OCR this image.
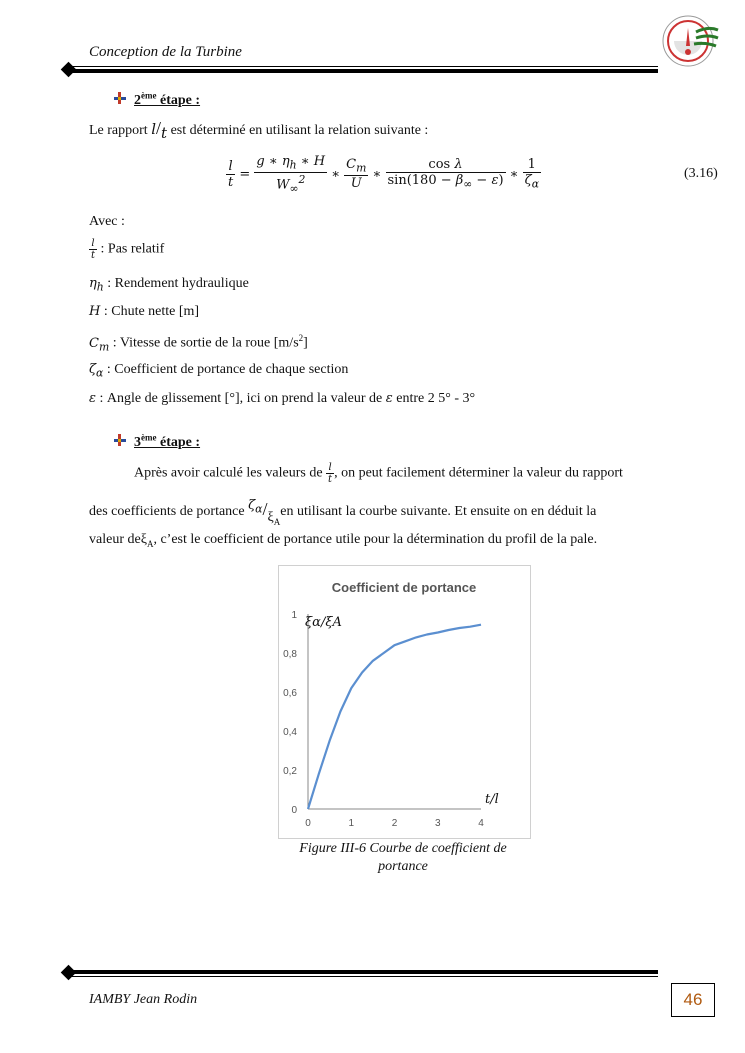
Conception de la Turbine
2ème étape :
Le rapport l/t est déterminé en utilisant la relation suivante :
$\frac{l}{t} = \frac{g ∗ \eta_h ∗ H}{W_\infty^2}$ ∗ $\frac{C_m}{U}$ ∗ $\frac{\text{cos λ}}{\sin(180 - \beta_\infty - \varepsilon)}$ ∗ $\frac{1}{\zeta_\alpha}$	(3.16)
Avec :
$\frac{l}{t}$ : Pas relatif
$\eta_h$ : Rendement hydraulique
H : Chute nette [m]
$C_m$ : Vitesse de sortie de la roue $[m/s^2]$
$\zeta_\alpha$ : Coefficient de portance de chaque section
ε : Angle de glissement [°], ici on prend la valeur de ε entre 2 5° - 3°
3ème étape :
Après avoir calculé les valeurs de $\frac{l}{t}$ , on peut facilement déterminer la valeur du rapport
des coefficients de portance $\zeta_\alpha/\xi_Aen$ utilisant la courbe suivante. Et ensuite on en déduit la
valeur deξ$_A$, c’est le coefficient de portance utile pour la détermination du profil de la pale.
Coefficient de portance
0
0,2
0,4
0,6
0,8
1
0	1	2	3	4
ξα/ξA
t/l
Figure III-6 Courbe de coefficient de portance
IAMBY Jean Rodin	46
